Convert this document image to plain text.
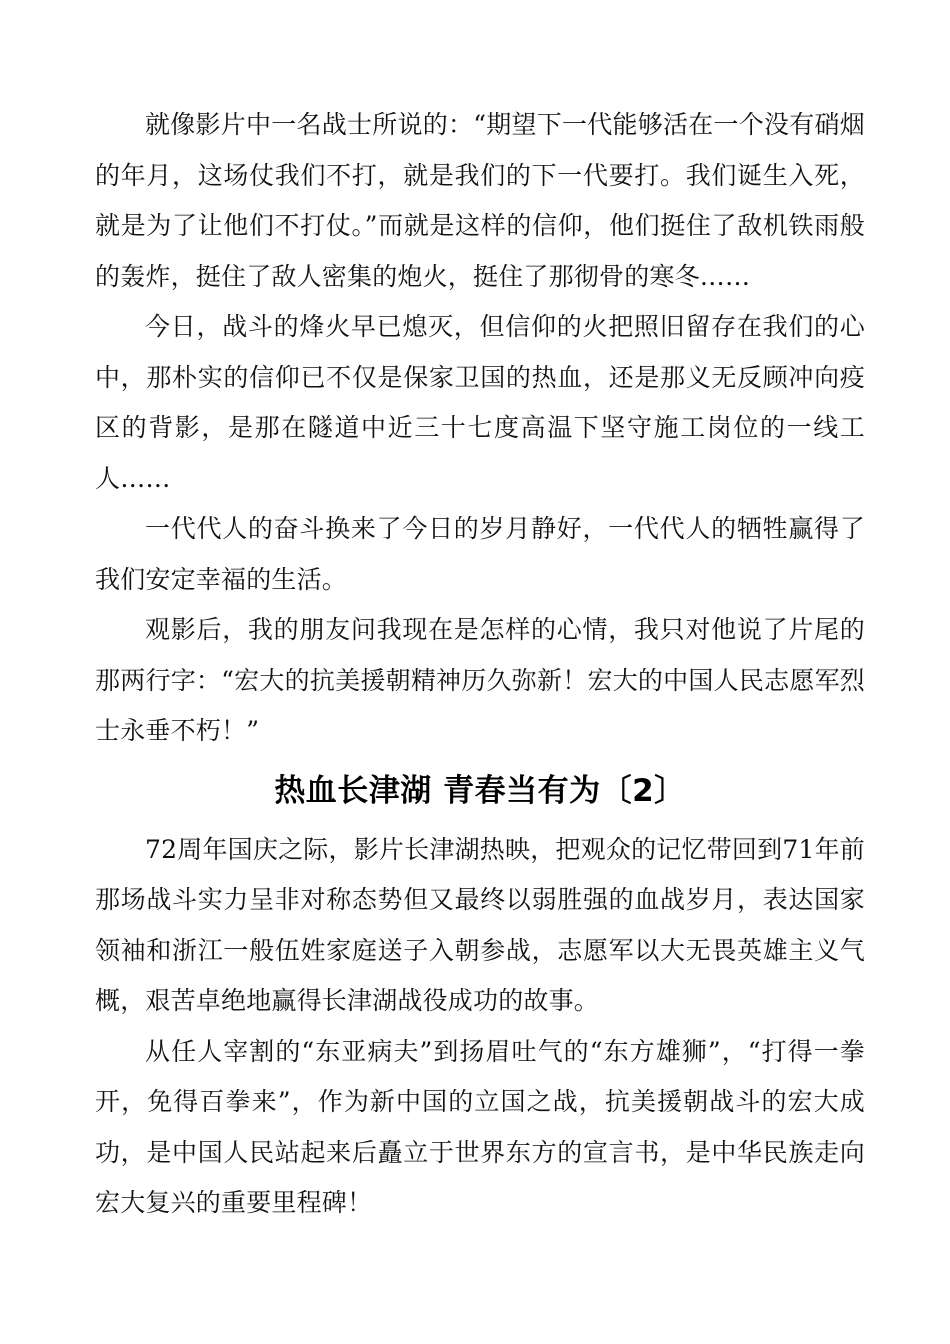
就像影片中一名战士所说的：“期望下一代能够活在一个没有硝烟的年月，这场仗我们不打，就是我们的下一代要打。我们诞生入死，就是为了让他们不打仗。”而就是这样的信仰，他们挺住了敌机铁雨般的轰炸，挺住了敌人密集的炮火，挺住了那彻骨的寒冬……

今日，战斗的烽火早已熄灭，但信仰的火把照旧留存在我们的心中，那朴实的信仰已不仅是保家卫国的热血，还是那义无反顾冲向疫区的背影，是那在隧道中近三十七度高温下坚守施工岗位的一线工人……

一代代人的奋斗换来了今日的岁月静好，一代代人的牺牲赢得了我们安定幸福的生活。

观影后，我的朋友问我现在是怎样的心情，我只对他说了片尾的那两行字：“宏大的抗美援朝精神历久弥新！宏大的中国人民志愿军烈士永垂不朽！”

热血长津湖 青春当有为〔2〕

72周年国庆之际，影片长津湖热映，把观众的记忆带回到71年前那场战斗实力呈非对称态势但又最终以弱胜强的血战岁月，表达国家领袖和浙江一般伍姓家庭送子入朝参战，志愿军以大无畏英雄主义气概，艰苦卓绝地赢得长津湖战役成功的故事。

从任人宰割的“东亚病夫”到扬眉吐气的“东方雄狮”，“打得一拳开，免得百拳来”，作为新中国的立国之战，抗美援朝战斗的宏大成功，是中国人民站起来后矗立于世界东方的宣言书，是中华民族走向宏大复兴的重要里程碑！
